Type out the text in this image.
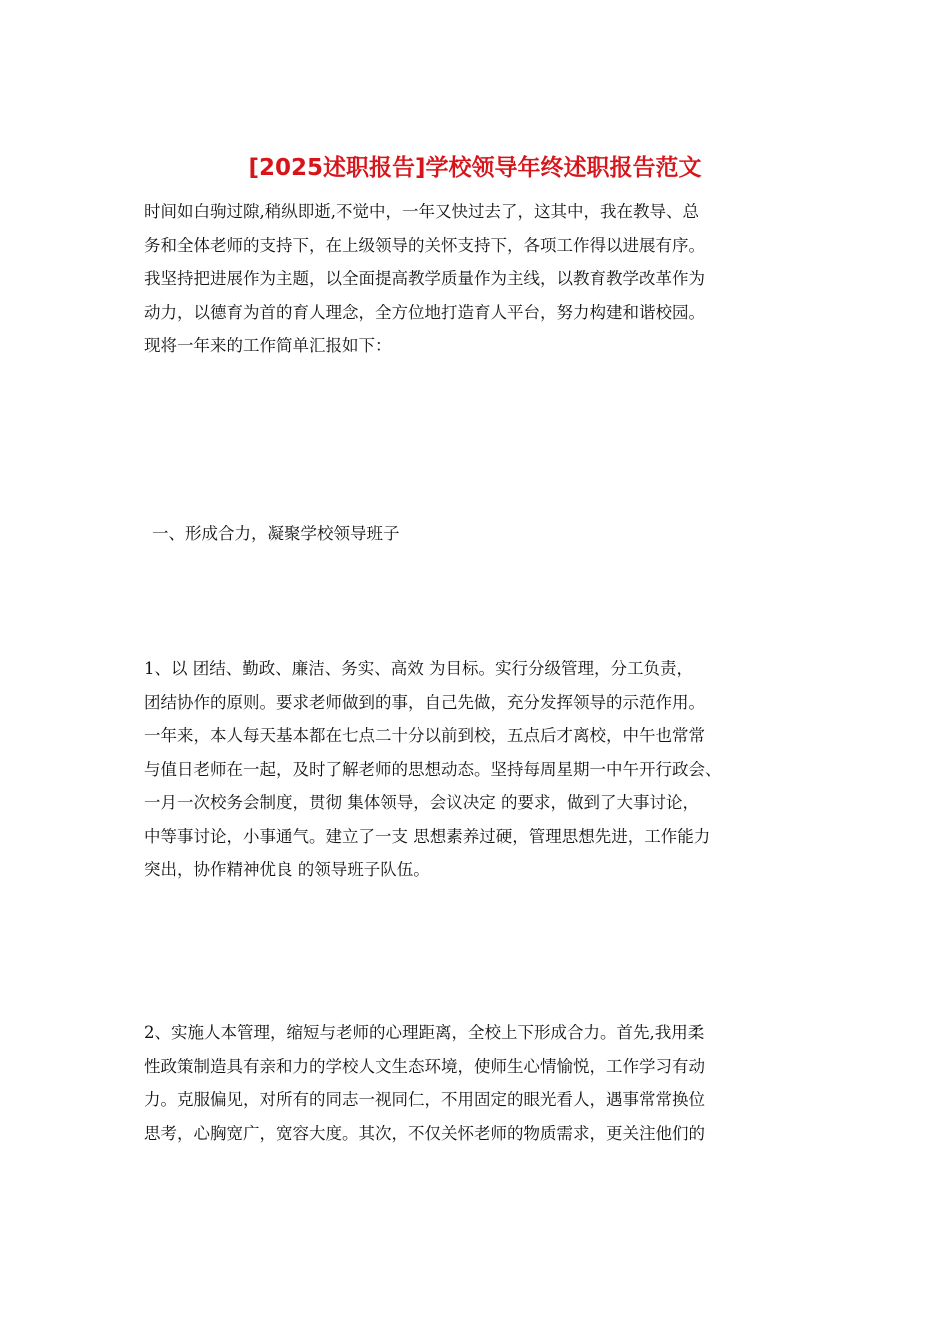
[2025述职报告]学校领导年终述职报告范文
时间如白驹过隙,稍纵即逝,不觉中，一年又快过去了，这其中，我在教导、总
务和全体老师的支持下，在上级领导的关怀支持下，各项工作得以进展有序。
我坚持把进展作为主题，以全面提高教学质量作为主线，以教育教学改革作为
动力，以德育为首的育人理念，全方位地打造育人平台，努力构建和谐校园。
现将一年来的工作简单汇报如下：
一、形成合力，凝聚学校领导班子
1、以 团结、勤政、廉洁、务实、高效 为目标。实行分级管理，分工负责，
团结协作的原则。要求老师做到的事，自己先做，充分发挥领导的示范作用。
一年来，本人每天基本都在七点二十分以前到校，五点后才离校，中午也常常
与值日老师在一起，及时了解老师的思想动态。坚持每周星期一中午开行政会、
一月一次校务会制度，贯彻 集体领导，会议决定 的要求，做到了大事讨论，
中等事讨论，小事通气。建立了一支 思想素养过硬，管理思想先进，工作能力
突出，协作精神优良 的领导班子队伍。
2、实施人本管理，缩短与老师的心理距离，全校上下形成合力。首先,我用柔
性政策制造具有亲和力的学校人文生态环境，使师生心情愉悦，工作学习有动
力。克服偏见，对所有的同志一视同仁，不用固定的眼光看人，遇事常常换位
思考，心胸宽广，宽容大度。其次，不仅关怀老师的物质需求，更关注他们的
